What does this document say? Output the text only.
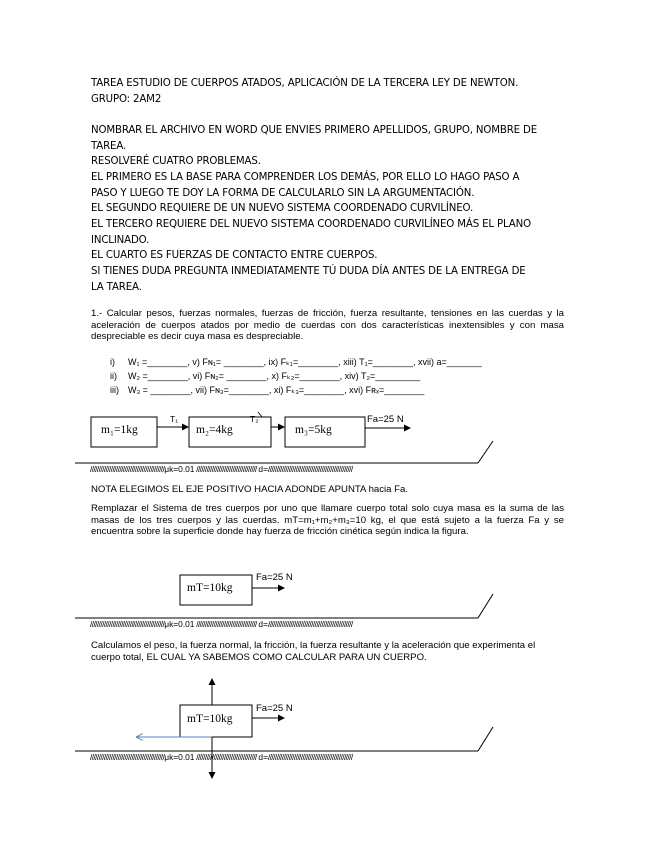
TAREA ESTUDIO DE CUERPOS ATADOS, APLICACIÓN DE LA TERCERA LEY DE NEWTON.
GRUPO: 2AM2
NOMBRAR EL ARCHIVO EN WORD QUE ENVIES PRIMERO APELLIDOS, GRUPO, NOMBRE DE
TAREA.
RESOLVERÉ CUATRO PROBLEMAS.
EL PRIMERO ES LA BASE PARA COMPRENDER LOS DEMÁS, POR ELLO LO HAGO PASO A
PASO Y LUEGO TE DOY LA FORMA DE CALCULARLO SIN LA ARGUMENTACIÓN.
EL SEGUNDO REQUIERE DE UN NUEVO SISTEMA COORDENADO CURVILÍNEO.
EL TERCERO REQUIERE DEL NUEVO SISTEMA COORDENADO CURVILÍNEO MÁS EL PLANO
INCLINADO.
EL CUARTO ES FUERZAS DE CONTACTO ENTRE CUERPOS.
SI TIENES DUDA PREGUNTA INMEDIATAMENTE TÚ DUDA DÍA ANTES DE LA ENTREGA DE
LA TAREA.
1.- Calcular pesos, fuerzas normales, fuerzas de fricción, fuerza resultante, tensiones en las cuerdas y la aceleración de cuerpos atados por medio de cuerdas con dos características inextensibles y con masa despreciable es decir cuya masa es despreciable.
i) W₁ =________, v) Fɴ₁= ________, ix) Fₖ₁=________, xiii) T₁=________, xvii) a=_______
ii) W₂ =________, vi) Fɴ₂= ________, x) Fₖ₂=________, xiv) T₂=_________
iii) W₃ = ________, vii) Fɴ₃=________, xi) Fₖ₃=________, xvi) Fʀₓ=________
m₁=1kg	m₂=4kg	m₃=5kg
T₁	T₂	Fa=25 N
///////////////////////////////////////////μk=0.01 /////////////////////////////////// d=/////////////////////////////////////////////////
NOTA ELEGIMOS EL EJE POSITIVO HACIA ADONDE APUNTA hacia Fa.
Remplazar el Sistema de tres cuerpos por uno que llamare cuerpo total solo cuya masa es la suma de las masas de los tres cuerpos y las cuerdas. mT=m₁+m₂+m₃=10 kg, el que está sujeto a la fuerza Fa y se encuentra sobre la superficie donde hay fuerza de fricción cinética según indica la figura.
mT=10kg
Fa=25 N
///////////////////////////////////////////μk=0.01 /////////////////////////////////// d=/////////////////////////////////////////////////
Calculamos el peso, la fuerza normal, la fricción, la fuerza resultante y la aceleración que experimenta el cuerpo total, EL CUAL YA SABEMOS COMO CALCULAR PARA UN CUERPO.
mT=10kg
Fa=25 N
///////////////////////////////////////////μk=0.01 /////////////////////////////////// d=/////////////////////////////////////////////////
